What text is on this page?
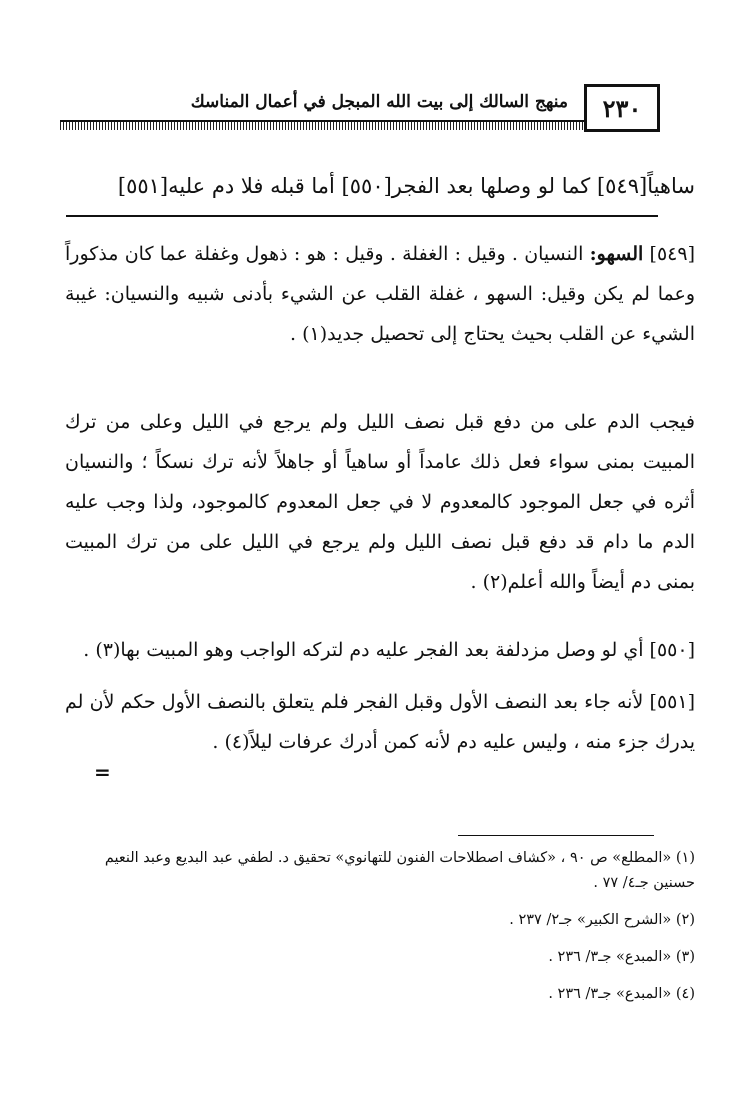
٢٣٠
منهج السالك إلى بيت الله المبجل في أعمال المناسك
ساهياً[٥٤٩] كما لو وصلها بعد الفجر[٥٥٠] أما قبله فلا دم عليه[٥٥١]
[٥٤٩] السهو: النسيان . وقيل : الغفلة . وقيل : هو : ذهول وغفلة عما كان مذكوراً وعما لم يكن وقيل: السهو ، غفلة القلب عن الشيء بأدنى شبيه والنسيان: غيبة الشيء عن القلب بحيث يحتاج إلى تحصيل جديد(١) .
فيجب الدم على من دفع قبل نصف الليل ولم يرجع في الليل وعلى من ترك المبيت بمنى سواء فعل ذلك عامداً أو ساهياً أو جاهلاً لأنه ترك نسكاً ؛ والنسيان أثره في جعل الموجود كالمعدوم لا في جعل المعدوم كالموجود، ولذا وجب عليه الدم ما دام قد دفع قبل نصف الليل ولم يرجع في الليل على من ترك المبيت بمنى دم أيضاً والله أعلم(٢) .
[٥٥٠] أي لو وصل مزدلفة بعد الفجر عليه دم لتركه الواجب وهو المبيت بها(٣) .
[٥٥١] لأنه جاء بعد النصف الأول وقبل الفجر فلم يتعلق بالنصف الأول حكم لأن لم يدرك جزء منه ، وليس عليه دم لأنه كمن أدرك عرفات ليلاً(٤) .
=
(١) «المطلع» ص ٩٠ ، «كشاف اصطلاحات الفنون للتهانوي» تحقيق د. لطفي عبد البديع وعبد النعيم حسنين جـ٤/ ٧٧ .
(٢) «الشرح الكبير» جـ٢/ ٢٣٧ .
(٣) «المبدع» جـ٣/ ٢٣٦ .
(٤) «المبدع» جـ٣/ ٢٣٦ .
